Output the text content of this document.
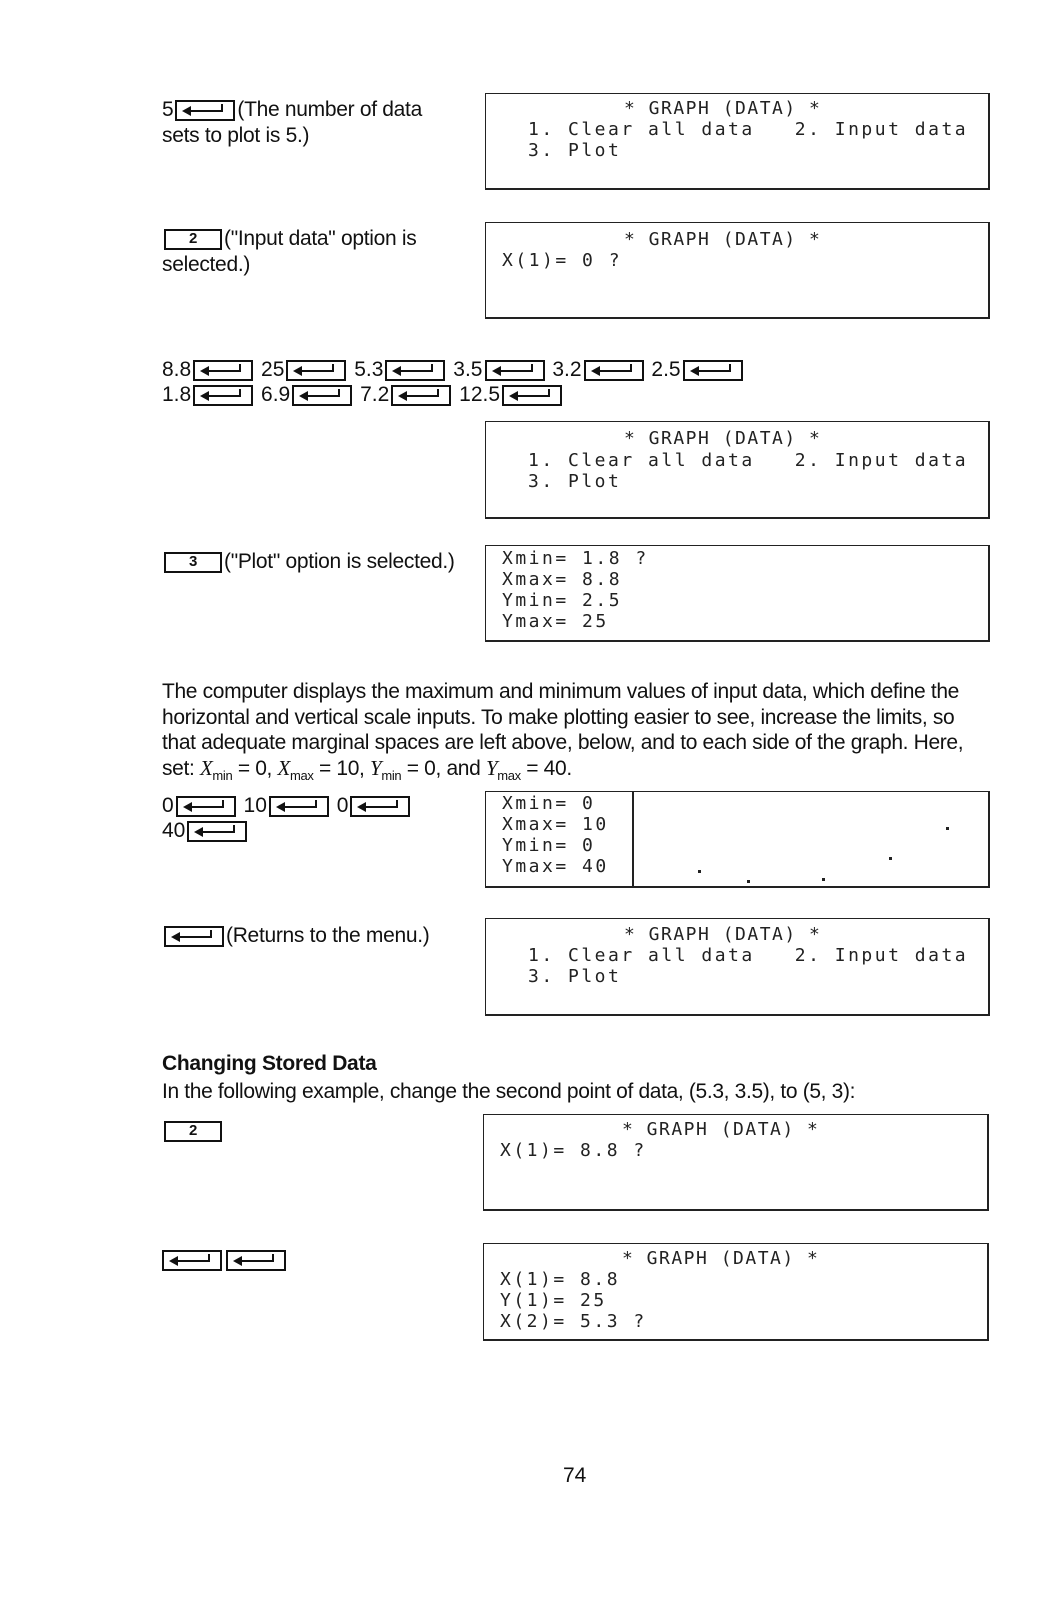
5	(The number of data
sets to plot is 5.)
* GRAPH (DATA) *
1. Clear all data   2. Input data
3. Plot
2 ("Input data" option is
selected.)
* GRAPH (DATA) *
X(1)= 0 ?
8.8	25	5.3	3.5	3.2	2.5
1.8	6.9	7.2	12.5
* GRAPH (DATA) *
1. Clear all data   2. Input data
3. Plot
3 ("Plot" option is selected.)	Xmin= 1.8 ?
Xmax= 8.8
Ymin= 2.5
Ymax= 25
The computer displays the maximum and minimum values of input data, which define the horizontal and vertical scale inputs. To make plotting easier to see, increase the limits, so that adequate marginal spaces are left above, below, and to each side of the graph. Here, set: $X_{min} = 0$, $X_{max} = 10$, $Y_{min} = 0$, and $Y_{max} = 40$.
0	10	0
40
Xmin= 0
Xmax= 10
Ymin= 0
Ymax= 40
(Returns to the menu.)	* GRAPH (DATA) *
1. Clear all data   2. Input data
3. Plot
Changing Stored Data
In the following example, change the second point of data, (5.3, 3.5), to (5, 3):
2	* GRAPH (DATA) *
X(1)= 8.8 ?
* GRAPH (DATA) *
X(1)= 8.8
Y(1)= 25
X(2)= 5.3 ?
74
